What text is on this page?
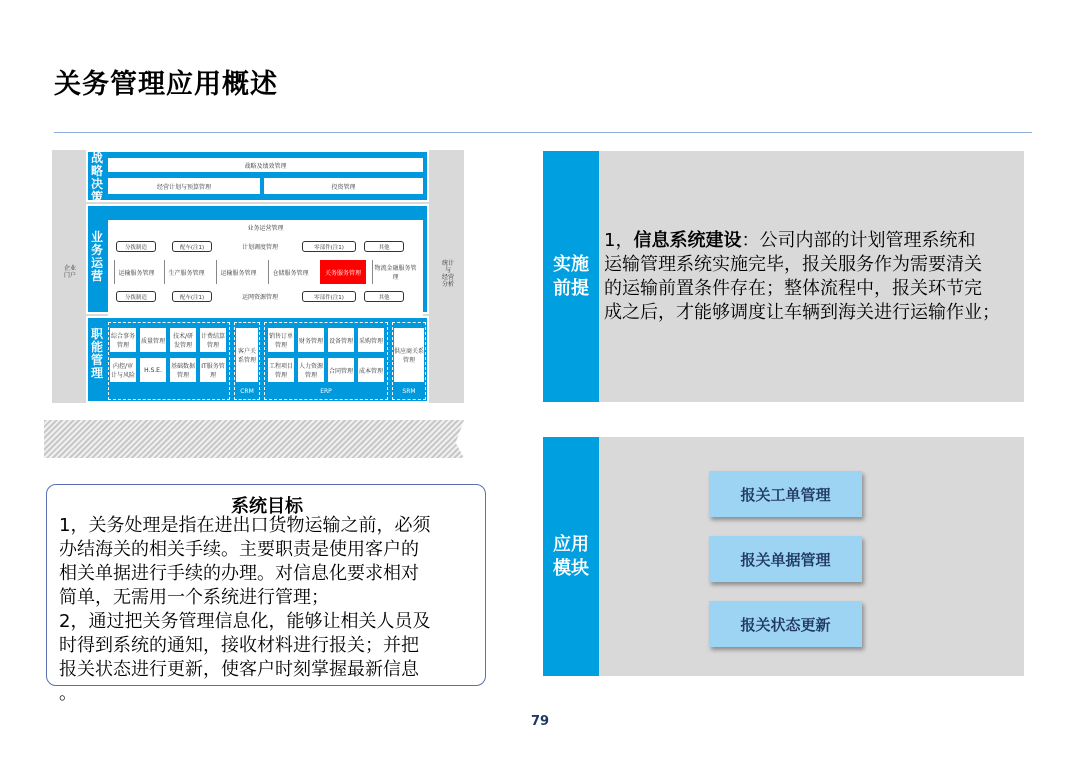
关务管理应用概述
企业
门户
统计
与
经营
分析
战略决策
战略及绩效管理
经营计划与预算管理	投资管理
业务运营
业务运营管理
分拨制造	配车(注1)	计划调度管理	零部件(注1)	其他
运输服务管理	生产服务管理	运输服务管理	仓储服务管理	关务服务管理
物流金融服务管理
分拨制造	配车(注1)	运网资源管理	零部件(注1)	其他
职能管理
综合事务管理
质量管理
技术/研发管理
计费结算管理
内控/审计与风险
H.S.E.	基础数据管理
IT服务管理
客户关系管理
销售订单管理
财务管理 设备管理 采购管理
工程项目管理
人力资源管理
合同管理 成本管理
供应商关系管理
CRM	ERP	SRM
系统目标
1，关务处理是指在进出口货物运输之前，必须
办结海关的相关手续。主要职责是使用客户的
相关单据进行手续的办理。对信息化要求相对
简单，无需用一个系统进行管理；
2，通过把关务管理信息化，能够让相关人员及
时得到系统的通知，接收材料进行报关；并把
报关状态进行更新，使客户时刻掌握最新信息
。
实施前提
1，信息系统建设：公司内部的计划管理系统和
运输管理系统实施完毕，报关服务作为需要清关
的运输前置条件存在；整体流程中，报关环节完
成之后，才能够调度让车辆到海关进行运输作业；
应用模块
报关工单管理
报关单据管理
报关状态更新
79
